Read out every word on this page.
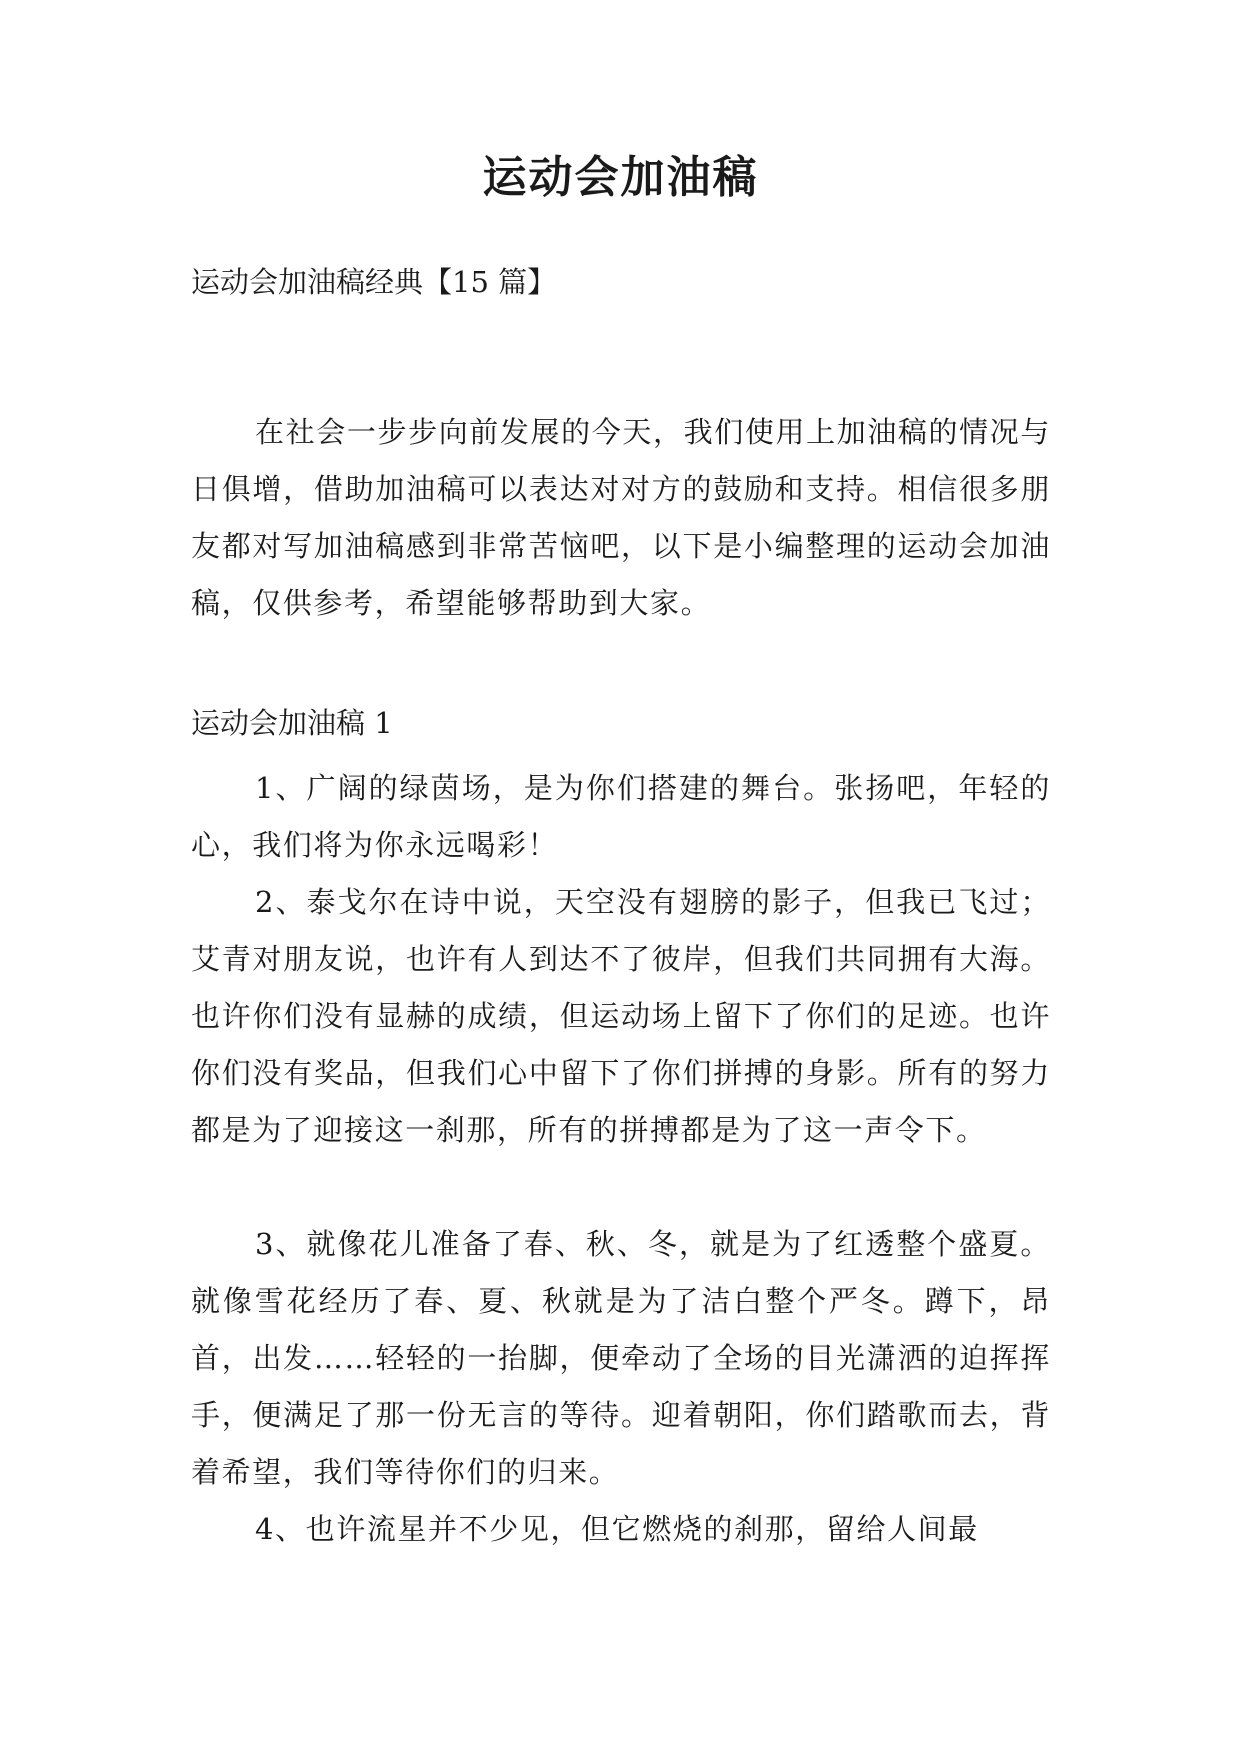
运动会加油稿
运动会加油稿经典【15 篇】
在社会一步步向前发展的今天，我们使用上加油稿的情况与日俱增，借助加油稿可以表达对对方的鼓励和支持。相信很多朋友都对写加油稿感到非常苦恼吧，以下是小编整理的运动会加油稿，仅供参考，希望能够帮助到大家。
运动会加油稿 1
1、广阔的绿茵场，是为你们搭建的舞台。张扬吧，年轻的心，我们将为你永远喝彩！
2、泰戈尔在诗中说，天空没有翅膀的影子，但我已飞过；艾青对朋友说，也许有人到达不了彼岸，但我们共同拥有大海。也许你们没有显赫的成绩，但运动场上留下了你们的足迹。也许你们没有奖品，但我们心中留下了你们拼搏的身影。所有的努力都是为了迎接这一刹那，所有的拼搏都是为了这一声令下。
3、就像花儿准备了春、秋、冬，就是为了红透整个盛夏。就像雪花经历了春、夏、秋就是为了洁白整个严冬。蹲下，昂首，出发……轻轻的一抬脚，便牵动了全场的目光潇洒的迫挥挥手，便满足了那一份无言的等待。迎着朝阳，你们踏歌而去，背着希望，我们等待你们的归来。
4、也许流星并不少见，但它燃烧的刹那，留给人间最
